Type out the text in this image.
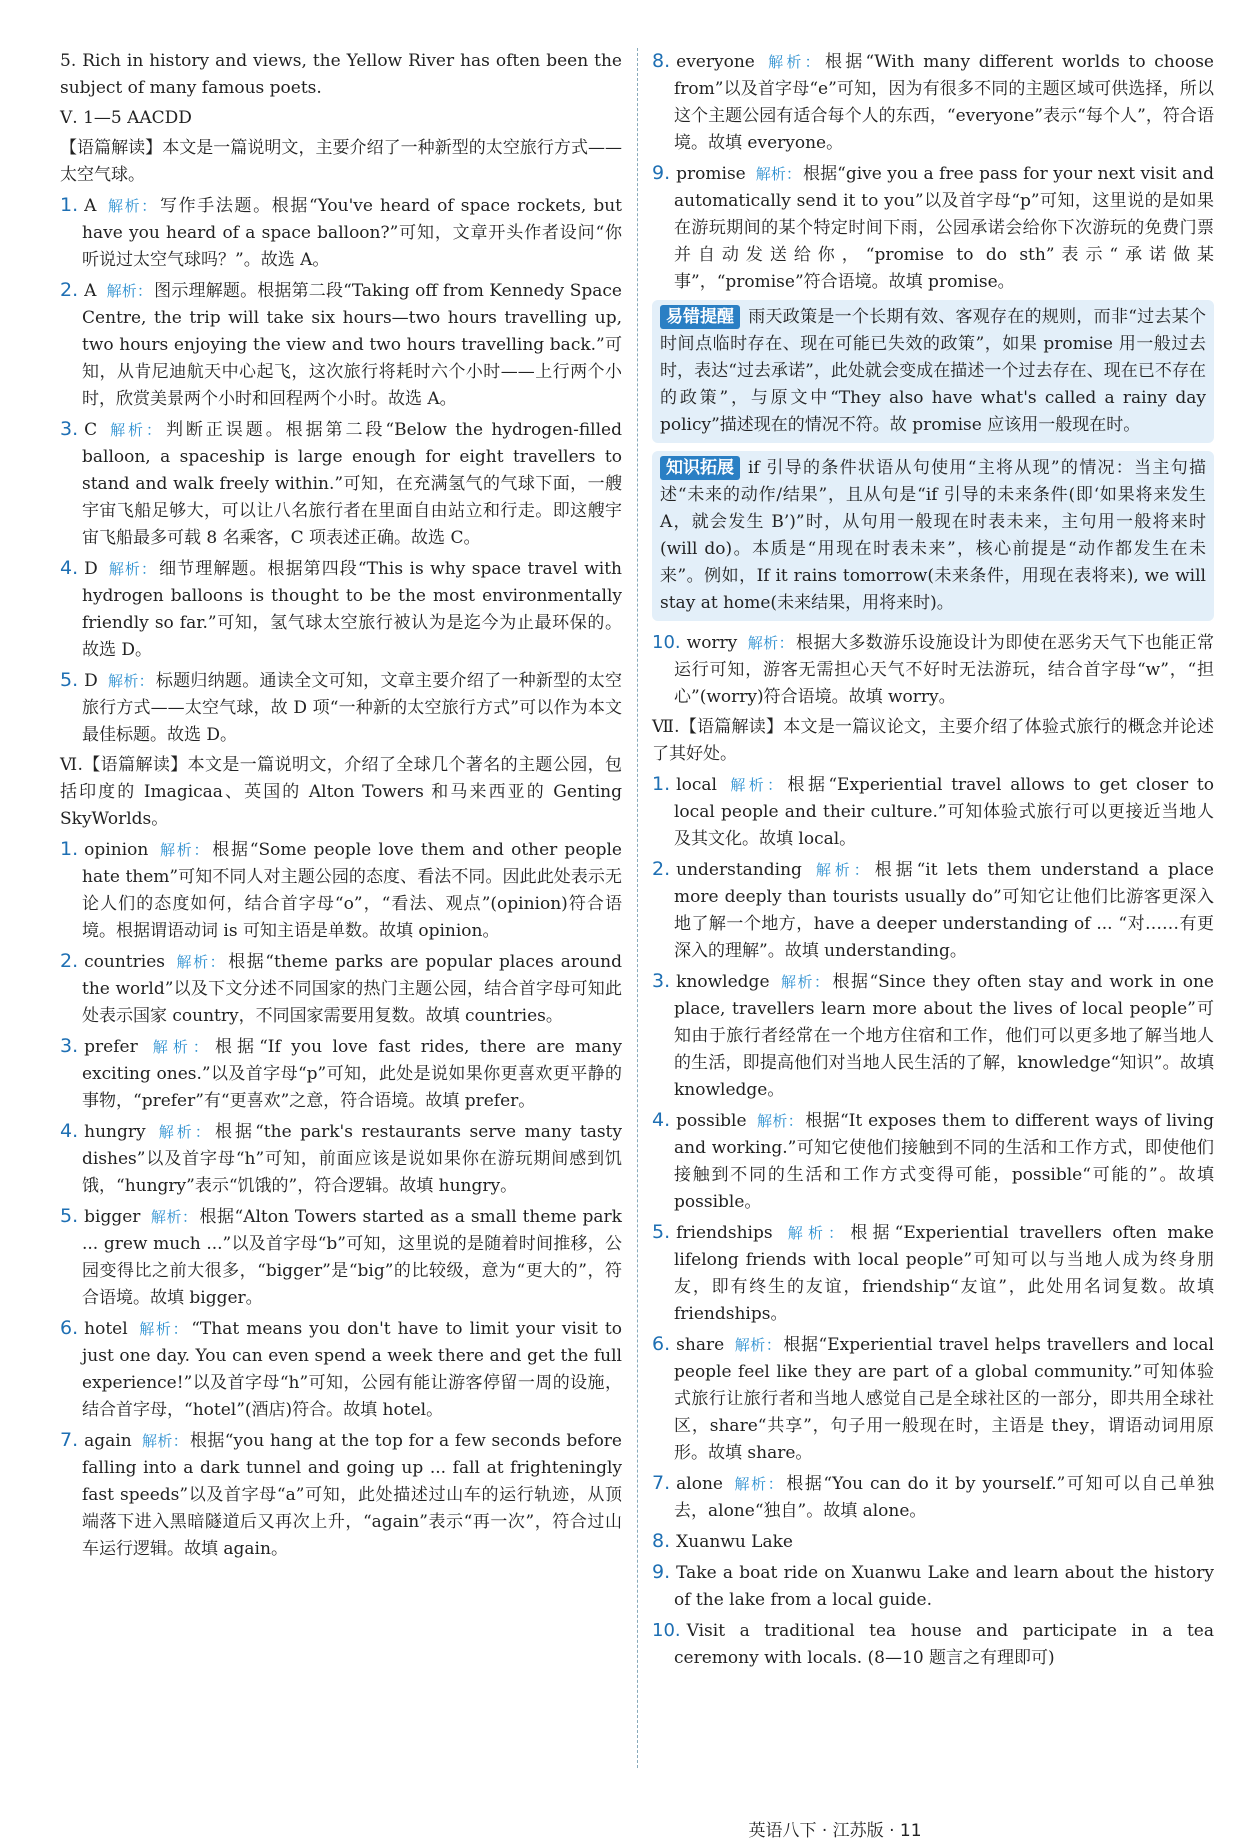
5. Rich in history and views, the Yellow River has often been the subject of many famous poets.
Ⅴ. 1—5 AACDD
【语篇解读】本文是一篇说明文，主要介绍了一种新型的太空旅行方式——太空气球。
1. A 解析： 写作手法题。根据“You've heard of space rockets, but have you heard of a space balloon?”可知，文章开头作者设问“你听说过太空气球吗？”。故选 A。
2. A 解析： 图示理解题。根据第二段“Taking off from Kennedy Space Centre, the trip will take six hours—two hours travelling up, two hours enjoying the view and two hours travelling back.”可知，从肯尼迪航天中心起飞，这次旅行将耗时六个小时——上行两个小时，欣赏美景两个小时和回程两个小时。故选 A。
3. C 解析： 判断正误题。根据第二段“Below the hydrogen-filled balloon, a spaceship is large enough for eight travellers to stand and walk freely within.”可知，在充满氢气的气球下面，一艘宇宙飞船足够大，可以让八名旅行者在里面自由站立和行走。即这艘宇宙飞船最多可载 8 名乘客，C 项表述正确。故选 C。
4. D 解析： 细节理解题。根据第四段“This is why space travel with hydrogen balloons is thought to be the most environmentally friendly so far.”可知，氢气球太空旅行被认为是迄今为止最环保的。故选 D。
5. D 解析： 标题归纳题。通读全文可知，文章主要介绍了一种新型的太空旅行方式——太空气球，故 D 项“一种新的太空旅行方式”可以作为本文最佳标题。故选 D。
Ⅵ.【语篇解读】本文是一篇说明文，介绍了全球几个著名的主题公园，包括印度的 Imagicaa、英国的 Alton Towers 和马来西亚的 Genting SkyWorlds。
1. opinion 解析： 根据“Some people love them and other people hate them”可知不同人对主题公园的态度、看法不同。因此此处表示无论人们的态度如何，结合首字母“o”，“看法、观点”(opinion)符合语境。根据谓语动词 is 可知主语是单数。故填 opinion。
2. countries 解析： 根据“theme parks are popular places around the world”以及下文分述不同国家的热门主题公园，结合首字母可知此处表示国家 country，不同国家需要用复数。故填 countries。
3. prefer 解析： 根据“If you love fast rides, there are many exciting ones.”以及首字母“p”可知，此处是说如果你更喜欢更平静的事物，“prefer”有“更喜欢”之意，符合语境。故填 prefer。
4. hungry 解析： 根据“the park's restaurants serve many tasty dishes”以及首字母“h”可知，前面应该是说如果你在游玩期间感到饥饿，“hungry”表示“饥饿的”，符合逻辑。故填 hungry。
5. bigger 解析： 根据“Alton Towers started as a small theme park ... grew much ...”以及首字母“b”可知，这里说的是随着时间推移，公园变得比之前大很多，“bigger”是“big”的比较级，意为“更大的”，符合语境。故填 bigger。
6. hotel 解析： “That means you don't have to limit your visit to just one day. You can even spend a week there and get the full experience!”以及首字母“h”可知，公园有能让游客停留一周的设施，结合首字母，“hotel”(酒店)符合。故填 hotel。
7. again 解析： 根据“you hang at the top for a few seconds before falling into a dark tunnel and going up ... fall at frighteningly fast speeds”以及首字母“a”可知，此处描述过山车的运行轨迹，从顶端落下进入黑暗隧道后又再次上升，“again”表示“再一次”，符合过山车运行逻辑。故填 again。
8. everyone 解析： 根据“With many different worlds to choose from”以及首字母“e”可知，因为有很多不同的主题区域可供选择，所以这个主题公园有适合每个人的东西，“everyone”表示“每个人”，符合语境。故填 everyone。
9. promise 解析： 根据“give you a free pass for your next visit and automatically send it to you”以及首字母“p”可知，这里说的是如果在游玩期间的某个特定时间下雨，公园承诺会给你下次游玩的免费门票并自动发送给你，“promise to do sth”表示“承诺做某事”，“promise”符合语境。故填 promise。
易错提醒 雨天政策是一个长期有效、客观存在的规则，而非“过去某个时间点临时存在、现在可能已失效的政策”，如果 promise 用一般过去时，表达“过去承诺”，此处就会变成在描述一个过去存在、现在已不存在的政策”，与原文中“They also have what's called a rainy day policy”描述现在的情况不符。故 promise 应该用一般现在时。
知识拓展 if 引导的条件状语从句使用“主将从现”的情况：当主句描述“未来的动作/结果”，且从句是“if 引导的未来条件(即‘如果将来发生 A，就会发生 B’)”时，从句用一般现在时表未来，主句用一般将来时(will do)。本质是“用现在时表未来”，核心前提是“动作都发生在未来”。例如，If it rains tomorrow(未来条件，用现在表将来), we will stay at home(未来结果，用将来时)。
10. worry 解析： 根据大多数游乐设施设计为即使在恶劣天气下也能正常运行可知，游客无需担心天气不好时无法游玩，结合首字母“w”，“担心”(worry)符合语境。故填 worry。
Ⅶ.【语篇解读】本文是一篇议论文，主要介绍了体验式旅行的概念并论述了其好处。
1. local 解析： 根据“Experiential travel allows to get closer to local people and their culture.”可知体验式旅行可以更接近当地人及其文化。故填 local。
2. understanding 解析： 根据“it lets them understand a place more deeply than tourists usually do”可知它让他们比游客更深入地了解一个地方，have a deeper understanding of ... “对……有更深入的理解”。故填 understanding。
3. knowledge 解析： 根据“Since they often stay and work in one place, travellers learn more about the lives of local people”可知由于旅行者经常在一个地方住宿和工作，他们可以更多地了解当地人的生活，即提高他们对当地人民生活的了解，knowledge“知识”。故填 knowledge。
4. possible 解析： 根据“It exposes them to different ways of living and working.”可知它使他们接触到不同的生活和工作方式，即使他们接触到不同的生活和工作方式变得可能，possible“可能的”。故填 possible。
5. friendships 解析： 根据“Experiential travellers often make lifelong friends with local people”可知可以与当地人成为终身朋友，即有终生的友谊，friendship“友谊”，此处用名词复数。故填 friendships。
6. share 解析： 根据“Experiential travel helps travellers and local people feel like they are part of a global community.”可知体验式旅行让旅行者和当地人感觉自己是全球社区的一部分，即共用全球社区，share“共享”，句子用一般现在时，主语是 they，谓语动词用原形。故填 share。
7. alone 解析： 根据“You can do it by yourself.”可知可以自己单独去，alone“独自”。故填 alone。
8. Xuanwu Lake
9. Take a boat ride on Xuanwu Lake and learn about the history of the lake from a local guide.
10. Visit a traditional tea house and participate in a tea ceremony with locals. (8—10 题言之有理即可)
英语八下 · 江苏版 · 11
